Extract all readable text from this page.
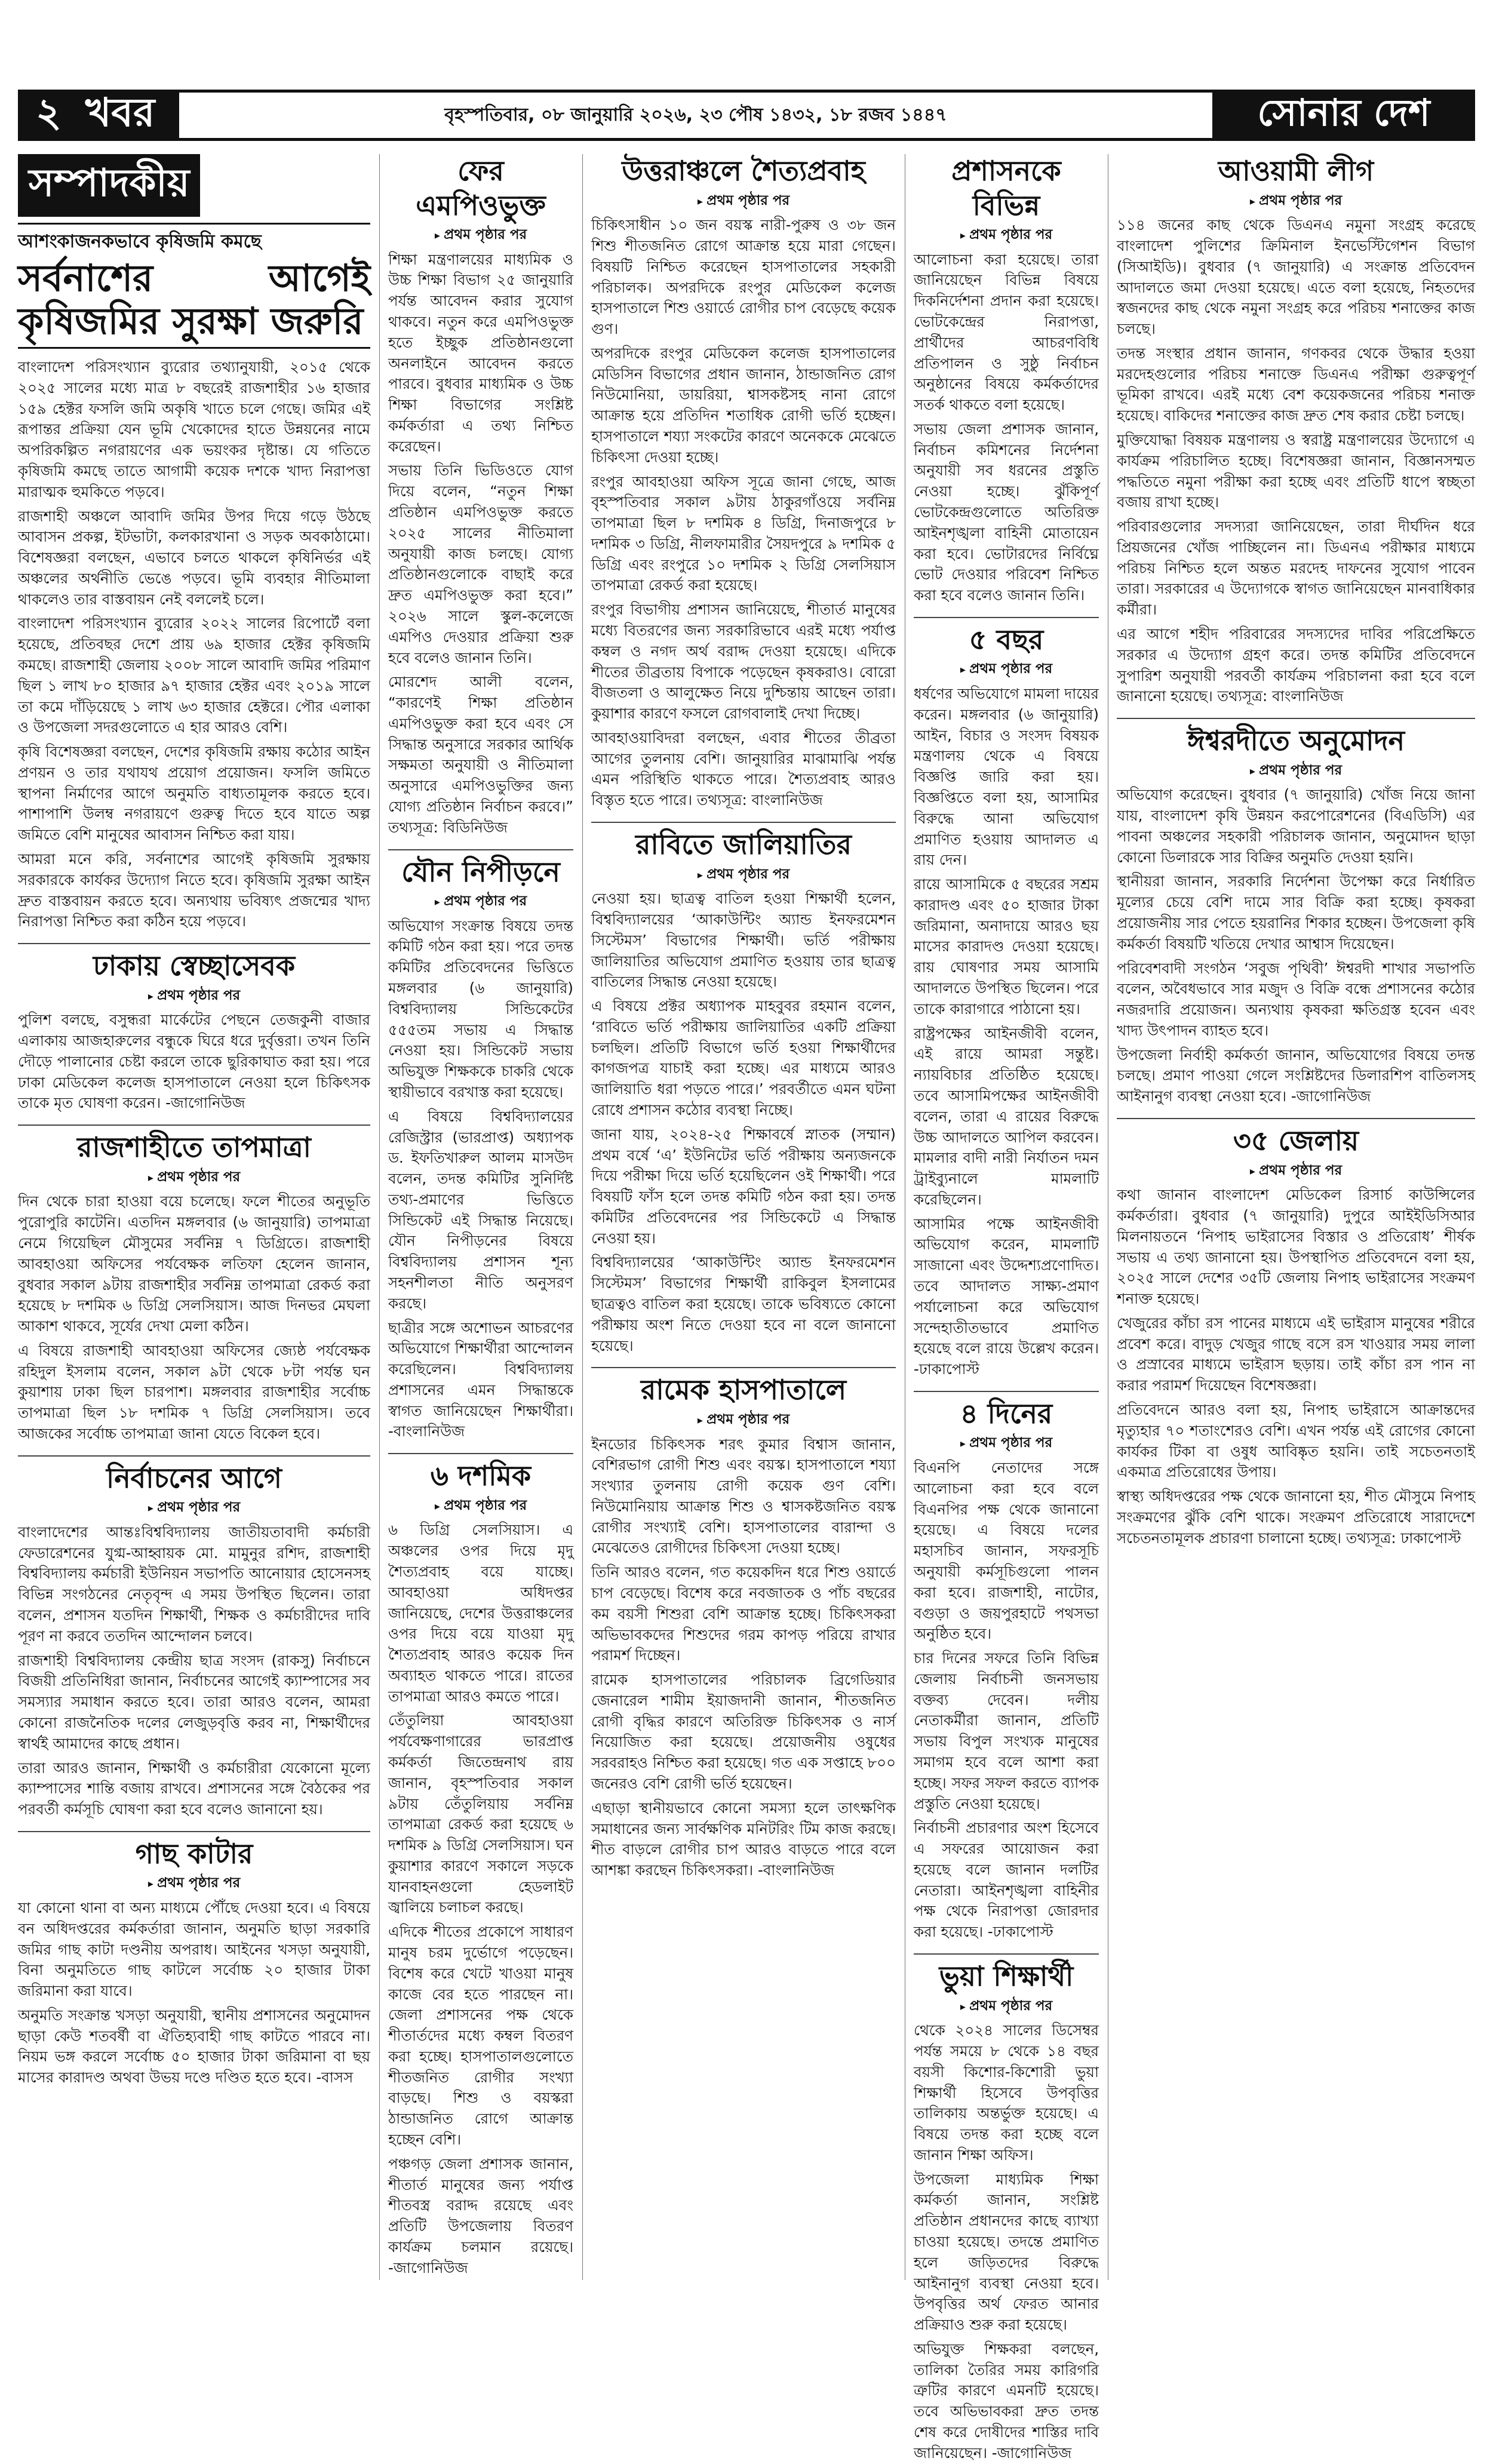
২ খবর	বৃহস্পতিবার, ০৮ জানুয়ারি ২০২৬, ২৩ পৌষ ১৪৩২, ১৮ রজব ১৪৪৭	সোনার দেশ
সম্পাদকীয়
আশংকাজনকভাবে কৃষিজমি কমছে
সর্বনাশের আগেই কৃষিজমির সুরক্ষা জরুরি

বাংলাদেশ পরিসংখ্যান ব্যুরোর তথ্যানুযায়ী, ২০১৫ থেকে ২০২৫ সালের মধ্যে মাত্র ৮ বছরেই রাজশাহীর ১৬ হাজার ১৫৯ হেক্টর ফসলি জমি অকৃষি খাতে চলে গেছে। জমির এই রূপান্তর প্রক্রিয়া যেন ভূমি খেকোদের হাতে উন্নয়নের নামে অপরিকল্পিত নগরায়ণের এক ভয়ংকর দৃষ্টান্ত। যে গতিতে কৃষিজমি কমছে তাতে আগামী কয়েক দশকে খাদ্য নিরাপত্তা মারাত্মক হুমকিতে পড়বে।

রাজশাহী অঞ্চলে আবাদি জমির উপর দিয়ে গড়ে উঠছে আবাসন প্রকল্প, ইটভাটা, কলকারখানা ও সড়ক অবকাঠামো। বিশেষজ্ঞরা বলছেন, এভাবে চলতে থাকলে কৃষিনির্ভর এই অঞ্চলের অর্থনীতি ভেঙে পড়বে। ভূমি ব্যবহার নীতিমালা থাকলেও তার বাস্তবায়ন নেই বললেই চলে।

বাংলাদেশ পরিসংখ্যান ব্যুরোর ২০২২ সালের রিপোর্টে বলা হয়েছে, প্রতিবছর দেশে প্রায় ৬৯ হাজার হেক্টর কৃষিজমি কমছে। রাজশাহী জেলায় ২০০৮ সালে আবাদি জমির পরিমাণ ছিল ১ লাখ ৮০ হাজার ৯৭ হাজার হেক্টর এবং ২০১৯ সালে তা কমে দাঁড়িয়েছে ১ লাখ ৬৩ হাজার হেক্টরে। পৌর এলাকা ও উপজেলা সদরগুলোতে এ হার আরও বেশি।

কৃষি বিশেষজ্ঞরা বলছেন, দেশের কৃষিজমি রক্ষায় কঠোর আইন প্রণয়ন ও তার যথাযথ প্রয়োগ প্রয়োজন। ফসলি জমিতে স্থাপনা নির্মাণের আগে অনুমতি বাধ্যতামূলক করতে হবে। পাশাপাশি উলম্ব নগরায়ণে গুরুত্ব দিতে হবে যাতে অল্প জমিতে বেশি মানুষের আবাসন নিশ্চিত করা যায়।

আমরা মনে করি, সর্বনাশের আগেই কৃষিজমি সুরক্ষায় সরকারকে কার্যকর উদ্যোগ নিতে হবে। কৃষিজমি সুরক্ষা আইন দ্রুত বাস্তবায়ন করতে হবে। অন্যথায় ভবিষ্যৎ প্রজন্মের খাদ্য নিরাপত্তা নিশ্চিত করা কঠিন হয়ে পড়বে।

ঢাকায় স্বেচ্ছাসেবক
▸ প্রথম পৃষ্ঠার পর

পুলিশ বলছে, বসুন্ধরা মার্কেটের পেছনে তেজকুনী বাজার এলাকায় আজহারুলের বন্ধুকে ঘিরে ধরে দুর্বৃত্তরা। তখন তিনি দৌড়ে পালানোর চেষ্টা করলে তাকে ছুরিকাঘাত করা হয়। পরে ঢাকা মেডিকেল কলেজ হাসপাতালে নেওয়া হলে চিকিৎসক তাকে মৃত ঘোষণা করেন। -জাগোনিউজ

রাজশাহীতে তাপমাত্রা
▸ প্রথম পৃষ্ঠার পর

দিন থেকে চারা হাওয়া বয়ে চলেছে। ফলে শীতের অনুভূতি পুরোপুরি কাটেনি। এতদিন মঙ্গলবার (৬ জানুয়ারি) তাপমাত্রা নেমে গিয়েছিল মৌসুমের সর্বনিম্ন ৭ ডিগ্রিতে। রাজশাহী আবহাওয়া অফিসের পর্যবেক্ষক লতিফা হেলেন জানান, বুধবার সকাল ৯টায় রাজশাহীর সর্বনিম্ন তাপমাত্রা রেকর্ড করা হয়েছে ৮ দশমিক ৬ ডিগ্রি সেলসিয়াস। আজ দিনভর মেঘলা আকাশ থাকবে, সূর্যের দেখা মেলা কঠিন।

এ বিষয়ে রাজশাহী আবহাওয়া অফিসের জ্যেষ্ঠ পর্যবেক্ষক রহিদুল ইসলাম বলেন, সকাল ৯টা থেকে ৮টা পর্যন্ত ঘন কুয়াশায় ঢাকা ছিল চারপাশ। মঙ্গলবার রাজশাহীর সর্বোচ্চ তাপমাত্রা ছিল ১৮ দশমিক ৭ ডিগ্রি সেলসিয়াস। তবে আজকের সর্বোচ্চ তাপমাত্রা জানা যেতে বিকেল হবে।

নির্বাচনের আগে
▸ প্রথম পৃষ্ঠার পর

বাংলাদেশের আন্তঃবিশ্ববিদ্যালয় জাতীয়তাবাদী কর্মচারী ফেডারেশনের যুগ্ম-আহ্বায়ক মো. মামুনুর রশিদ, রাজশাহী বিশ্ববিদ্যালয় কর্মচারী ইউনিয়ন সভাপতি আনোয়ার হোসেনসহ বিভিন্ন সংগঠনের নেতৃবৃন্দ এ সময় উপস্থিত ছিলেন। তারা বলেন, প্রশাসন যতদিন শিক্ষার্থী, শিক্ষক ও কর্মচারীদের দাবি পূরণ না করবে ততদিন আন্দোলন চলবে।

রাজশাহী বিশ্ববিদ্যালয় কেন্দ্রীয় ছাত্র সংসদ (রাকসু) নির্বাচনে বিজয়ী প্রতিনিধিরা জানান, নির্বাচনের আগেই ক্যাম্পাসের সব সমস্যার সমাধান করতে হবে। তারা আরও বলেন, আমরা কোনো রাজনৈতিক দলের লেজুড়বৃত্তি করব না, শিক্ষার্থীদের স্বার্থই আমাদের কাছে প্রধান।

তারা আরও জানান, শিক্ষার্থী ও কর্মচারীরা যেকোনো মূল্যে ক্যাম্পাসের শান্তি বজায় রাখবে। প্রশাসনের সঙ্গে বৈঠকের পর পরবর্তী কর্মসূচি ঘোষণা করা হবে বলেও জানানো হয়।

গাছ কাটার
▸ প্রথম পৃষ্ঠার পর

যা কোনো থানা বা অন্য মাধ্যমে পৌঁছে দেওয়া হবে। এ বিষয়ে বন অধিদপ্তরের কর্মকর্তারা জানান, অনুমতি ছাড়া সরকারি জমির গাছ কাটা দণ্ডনীয় অপরাধ। আইনের খসড়া অনুযায়ী, বিনা অনুমতিতে গাছ কাটলে সর্বোচ্চ ২০ হাজার টাকা জরিমানা করা যাবে।

অনুমতি সংক্রান্ত খসড়া অনুযায়ী, স্থানীয় প্রশাসনের অনুমোদন ছাড়া কেউ শতবর্ষী বা ঐতিহ্যবাহী গাছ কাটতে পারবে না। নিয়ম ভঙ্গ করলে সর্বোচ্চ ৫০ হাজার টাকা জরিমানা বা ছয় মাসের কারাদণ্ড অথবা উভয় দণ্ডে দণ্ডিত হতে হবে। -বাসস

ফের এমপিওভুক্ত
▸ প্রথম পৃষ্ঠার পর

শিক্ষা মন্ত্রণালয়ের মাধ্যমিক ও উচ্চ শিক্ষা বিভাগ ২৫ জানুয়ারি পর্যন্ত আবেদন করার সুযোগ থাকবে। নতুন করে এমপিওভুক্ত হতে ইচ্ছুক প্রতিষ্ঠানগুলো অনলাইনে আবেদন করতে পারবে। বুধবার মাধ্যমিক ও উচ্চ শিক্ষা বিভাগের সংশ্লিষ্ট কর্মকর্তারা এ তথ্য নিশ্চিত করেছেন।

সভায় তিনি ভিডিওতে যোগ দিয়ে বলেন, “নতুন শিক্ষা প্রতিষ্ঠান এমপিওভুক্ত করতে ২০২৫ সালের নীতিমালা অনুযায়ী কাজ চলছে। যোগ্য প্রতিষ্ঠানগুলোকে বাছাই করে দ্রুত এমপিওভুক্ত করা হবে।” ২০২৬ সালে স্কুল-কলেজে এমপিও দেওয়ার প্রক্রিয়া শুরু হবে বলেও জানান তিনি।

মোরশেদ আলী বলেন, “কারণেই শিক্ষা প্রতিষ্ঠান এমপিওভুক্ত করা হবে এবং সে সিদ্ধান্ত অনুসারে সরকার আর্থিক সক্ষমতা অনুযায়ী ও নীতিমালা অনুসারে এমপিওভুক্তির জন্য যোগ্য প্রতিষ্ঠান নির্বাচন করবে।” তথ্যসূত্র: বিডিনিউজ

যৌন নিপীড়নে
▸ প্রথম পৃষ্ঠার পর

অভিযোগ সংক্রান্ত বিষয়ে তদন্ত কমিটি গঠন করা হয়। পরে তদন্ত কমিটির প্রতিবেদনের ভিত্তিতে মঙ্গলবার (৬ জানুয়ারি) বিশ্ববিদ্যালয় সিন্ডিকেটের ৫৫৫তম সভায় এ সিদ্ধান্ত নেওয়া হয়। সিন্ডিকেট সভায় অভিযুক্ত শিক্ষককে চাকরি থেকে স্থায়ীভাবে বরখাস্ত করা হয়েছে।

এ বিষয়ে বিশ্ববিদ্যালয়ের রেজিস্ট্রার (ভারপ্রাপ্ত) অধ্যাপক ড. ইফতিখারুল আলম মাসউদ বলেন, তদন্ত কমিটির সুনির্দিষ্ট তথ্য-প্রমাণের ভিত্তিতে সিন্ডিকেট এই সিদ্ধান্ত নিয়েছে। যৌন নিপীড়নের বিষয়ে বিশ্ববিদ্যালয় প্রশাসন শূন্য সহনশীলতা নীতি অনুসরণ করছে।

ছাত্রীর সঙ্গে অশোভন আচরণের অভিযোগে শিক্ষার্থীরা আন্দোলন করেছিলেন। বিশ্ববিদ্যালয় প্রশাসনের এমন সিদ্ধান্তকে স্বাগত জানিয়েছেন শিক্ষার্থীরা। -বাংলানিউজ

৬ দশমিক
▸ প্রথম পৃষ্ঠার পর

৬ ডিগ্রি সেলসিয়াস। এ অঞ্চলের ওপর দিয়ে মৃদু শৈত্যপ্রবাহ বয়ে যাচ্ছে। আবহাওয়া অধিদপ্তর জানিয়েছে, দেশের উত্তরাঞ্চলের ওপর দিয়ে বয়ে যাওয়া মৃদু শৈত্যপ্রবাহ আরও কয়েক দিন অব্যাহত থাকতে পারে। রাতের তাপমাত্রা আরও কমতে পারে।

তেঁতুলিয়া আবহাওয়া পর্যবেক্ষণাগারের ভারপ্রাপ্ত কর্মকর্তা জিতেন্দ্রনাথ রায় জানান, বৃহস্পতিবার সকাল ৯টায় তেঁতুলিয়ায় সর্বনিম্ন তাপমাত্রা রেকর্ড করা হয়েছে ৬ দশমিক ৯ ডিগ্রি সেলসিয়াস। ঘন কুয়াশার কারণে সকালে সড়কে যানবাহনগুলো হেডলাইট জ্বালিয়ে চলাচল করছে।

এদিকে শীতের প্রকোপে সাধারণ মানুষ চরম দুর্ভোগে পড়েছেন। বিশেষ করে খেটে খাওয়া মানুষ কাজে বের হতে পারছেন না। জেলা প্রশাসনের পক্ষ থেকে শীতার্তদের মধ্যে কম্বল বিতরণ করা হচ্ছে। হাসপাতালগুলোতে শীতজনিত রোগীর সংখ্যা বাড়ছে। শিশু ও বয়স্করা ঠান্ডাজনিত রোগে আক্রান্ত হচ্ছেন বেশি।

পঞ্চগড় জেলা প্রশাসক জানান, শীতার্ত মানুষের জন্য পর্যাপ্ত শীতবস্ত্র বরাদ্দ রয়েছে এবং প্রতিটি উপজেলায় বিতরণ কার্যক্রম চলমান রয়েছে। -জাগোনিউজ

উত্তরাঞ্চলে শৈত্যপ্রবাহ
▸ প্রথম পৃষ্ঠার পর

চিকিৎসাধীন ১০ জন বয়স্ক নারী-পুরুষ ও ৩৮ জন শিশু শীতজনিত রোগে আক্রান্ত হয়ে মারা গেছেন। বিষয়টি নিশ্চিত করেছেন হাসপাতালের সহকারী পরিচালক। অপরদিকে রংপুর মেডিকেল কলেজ হাসপাতালে শিশু ওয়ার্ডে রোগীর চাপ বেড়েছে কয়েক গুণ।

অপরদিকে রংপুর মেডিকেল কলেজ হাসপাতালের মেডিসিন বিভাগের প্রধান জানান, ঠান্ডাজনিত রোগ নিউমোনিয়া, ডায়রিয়া, শ্বাসকষ্টসহ নানা রোগে আক্রান্ত হয়ে প্রতিদিন শতাধিক রোগী ভর্তি হচ্ছেন। হাসপাতালে শয্যা সংকটের কারণে অনেককে মেঝেতে চিকিৎসা দেওয়া হচ্ছে।

রংপুর আবহাওয়া অফিস সূত্রে জানা গেছে, আজ বৃহস্পতিবার সকাল ৯টায় ঠাকুরগাঁওয়ে সর্বনিম্ন তাপমাত্রা ছিল ৮ দশমিক ৪ ডিগ্রি, দিনাজপুরে ৮ দশমিক ৩ ডিগ্রি, নীলফামারীর সৈয়দপুরে ৯ দশমিক ৫ ডিগ্রি এবং রংপুরে ১০ দশমিক ২ ডিগ্রি সেলসিয়াস তাপমাত্রা রেকর্ড করা হয়েছে।

রংপুর বিভাগীয় প্রশাসন জানিয়েছে, শীতার্ত মানুষের মধ্যে বিতরণের জন্য সরকারিভাবে এরই মধ্যে পর্যাপ্ত কম্বল ও নগদ অর্থ বরাদ্দ দেওয়া হয়েছে। এদিকে শীতের তীব্রতায় বিপাকে পড়েছেন কৃষকরাও। বোরো বীজতলা ও আলুক্ষেত নিয়ে দুশ্চিন্তায় আছেন তারা। কুয়াশার কারণে ফসলে রোগবালাই দেখা দিচ্ছে।

আবহাওয়াবিদরা বলছেন, এবার শীতের তীব্রতা আগের তুলনায় বেশি। জানুয়ারির মাঝামাঝি পর্যন্ত এমন পরিস্থিতি থাকতে পারে। শৈত্যপ্রবাহ আরও বিস্তৃত হতে পারে। তথ্যসূত্র: বাংলানিউজ

রাবিতে জালিয়াতির
▸ প্রথম পৃষ্ঠার পর

নেওয়া হয়। ছাত্রত্ব বাতিল হওয়া শিক্ষার্থী হলেন, বিশ্ববিদ্যালয়ের ‘আকাউন্টিং অ্যান্ড ইনফরমেশন সিস্টেমস’ বিভাগের শিক্ষার্থী। ভর্তি পরীক্ষায় জালিয়াতির অভিযোগ প্রমাণিত হওয়ায় তার ছাত্রত্ব বাতিলের সিদ্ধান্ত নেওয়া হয়েছে।

এ বিষয়ে প্রক্টর অধ্যাপক মাহবুবর রহমান বলেন, ‘রাবিতে ভর্তি পরীক্ষায় জালিয়াতির একটি প্রক্রিয়া চলছিল। প্রতিটি বিভাগে ভর্তি হওয়া শিক্ষার্থীদের কাগজপত্র যাচাই করা হচ্ছে। এর মাধ্যমে আরও জালিয়াতি ধরা পড়তে পারে।’ পরবর্তীতে এমন ঘটনা রোধে প্রশাসন কঠোর ব্যবস্থা নিচ্ছে।

জানা যায়, ২০২৪-২৫ শিক্ষাবর্ষে স্নাতক (সম্মান) প্রথম বর্ষে ‘এ’ ইউনিটের ভর্তি পরীক্ষায় অন্যজনকে দিয়ে পরীক্ষা দিয়ে ভর্তি হয়েছিলেন ওই শিক্ষার্থী। পরে বিষয়টি ফাঁস হলে তদন্ত কমিটি গঠন করা হয়। তদন্ত কমিটির প্রতিবেদনের পর সিন্ডিকেটে এ সিদ্ধান্ত নেওয়া হয়।

বিশ্ববিদ্যালয়ের ‘আকাউন্টিং অ্যান্ড ইনফরমেশন সিস্টেমস’ বিভাগের শিক্ষার্থী রাকিবুল ইসলামের ছাত্রত্বও বাতিল করা হয়েছে। তাকে ভবিষ্যতে কোনো পরীক্ষায় অংশ নিতে দেওয়া হবে না বলে জানানো হয়েছে।

রামেক হাসপাতালে
▸ প্রথম পৃষ্ঠার পর

ইনডোর চিকিৎসক শরৎ কুমার বিশ্বাস জানান, বেশিরভাগ রোগী শিশু এবং বয়স্ক। হাসপাতালে শয্যা সংখ্যার তুলনায় রোগী কয়েক গুণ বেশি। নিউমোনিয়ায় আক্রান্ত শিশু ও শ্বাসকষ্টজনিত বয়স্ক রোগীর সংখ্যাই বেশি। হাসপাতালের বারান্দা ও মেঝেতেও রোগীদের চিকিৎসা দেওয়া হচ্ছে।

তিনি আরও বলেন, গত কয়েকদিন ধরে শিশু ওয়ার্ডে চাপ বেড়েছে। বিশেষ করে নবজাতক ও পাঁচ বছরের কম বয়সী শিশুরা বেশি আক্রান্ত হচ্ছে। চিকিৎসকরা অভিভাবকদের শিশুদের গরম কাপড় পরিয়ে রাখার পরামর্শ দিচ্ছেন।

রামেক হাসপাতালের পরিচালক ব্রিগেডিয়ার জেনারেল শামীম ইয়াজদানী জানান, শীতজনিত রোগী বৃদ্ধির কারণে অতিরিক্ত চিকিৎসক ও নার্স নিয়োজিত করা হয়েছে। প্রয়োজনীয় ওষুধের সরবরাহও নিশ্চিত করা হয়েছে। গত এক সপ্তাহে ৮০০ জনেরও বেশি রোগী ভর্তি হয়েছেন।

এছাড়া স্থানীয়ভাবে কোনো সমস্যা হলে তাৎক্ষণিক সমাধানের জন্য সার্বক্ষণিক মনিটরিং টিম কাজ করছে। শীত বাড়লে রোগীর চাপ আরও বাড়তে পারে বলে আশঙ্কা করছেন চিকিৎসকরা। -বাংলানিউজ

প্রশাসনকে বিভিন্ন
▸ প্রথম পৃষ্ঠার পর

আলোচনা করা হয়েছে। তারা জানিয়েছেন বিভিন্ন বিষয়ে দিকনির্দেশনা প্রদান করা হয়েছে। ভোটকেন্দ্রের নিরাপত্তা, প্রার্থীদের আচরণবিধি প্রতিপালন ও সুষ্ঠু নির্বাচন অনুষ্ঠানের বিষয়ে কর্মকর্তাদের সতর্ক থাকতে বলা হয়েছে।

সভায় জেলা প্রশাসক জানান, নির্বাচন কমিশনের নির্দেশনা অনুযায়ী সব ধরনের প্রস্তুতি নেওয়া হচ্ছে। ঝুঁকিপূর্ণ ভোটকেন্দ্রগুলোতে অতিরিক্ত আইনশৃঙ্খলা বাহিনী মোতায়েন করা হবে। ভোটারদের নির্বিঘ্নে ভোট দেওয়ার পরিবেশ নিশ্চিত করা হবে বলেও জানান তিনি।

৫ বছর
▸ প্রথম পৃষ্ঠার পর

ধর্ষণের অভিযোগে মামলা দায়ের করেন। মঙ্গলবার (৬ জানুয়ারি) আইন, বিচার ও সংসদ বিষয়ক মন্ত্রণালয় থেকে এ বিষয়ে বিজ্ঞপ্তি জারি করা হয়। বিজ্ঞপ্তিতে বলা হয়, আসামির বিরুদ্ধে আনা অভিযোগ প্রমাণিত হওয়ায় আদালত এ রায় দেন।

রায়ে আসামিকে ৫ বছরের সশ্রম কারাদণ্ড এবং ৫০ হাজার টাকা জরিমানা, অনাদায়ে আরও ছয় মাসের কারাদণ্ড দেওয়া হয়েছে। রায় ঘোষণার সময় আসামি আদালতে উপস্থিত ছিলেন। পরে তাকে কারাগারে পাঠানো হয়।

রাষ্ট্রপক্ষের আইনজীবী বলেন, এই রায়ে আমরা সন্তুষ্ট। ন্যায়বিচার প্রতিষ্ঠিত হয়েছে। তবে আসামিপক্ষের আইনজীবী বলেন, তারা এ রায়ের বিরুদ্ধে উচ্চ আদালতে আপিল করবেন। মামলার বাদী নারী নির্যাতন দমন ট্রাইব্যুনালে মামলাটি করেছিলেন।

আসামির পক্ষে আইনজীবী অভিযোগ করেন, মামলাটি সাজানো এবং উদ্দেশ্যপ্রণোদিত। তবে আদালত সাক্ষ্য-প্রমাণ পর্যালোচনা করে অভিযোগ সন্দেহাতীতভাবে প্রমাণিত হয়েছে বলে রায়ে উল্লেখ করেন। -ঢাকাপোস্ট

৪ দিনের
▸ প্রথম পৃষ্ঠার পর

বিএনপি নেতাদের সঙ্গে আলোচনা করা হবে বলে বিএনপির পক্ষ থেকে জানানো হয়েছে। এ বিষয়ে দলের মহাসচিব জানান, সফরসূচি অনুযায়ী কর্মসূচিগুলো পালন করা হবে। রাজশাহী, নাটোর, বগুড়া ও জয়পুরহাটে পথসভা অনুষ্ঠিত হবে।

চার দিনের সফরে তিনি বিভিন্ন জেলায় নির্বাচনী জনসভায় বক্তব্য দেবেন। দলীয় নেতাকর্মীরা জানান, প্রতিটি সভায় বিপুল সংখ্যক মানুষের সমাগম হবে বলে আশা করা হচ্ছে। সফর সফল করতে ব্যাপক প্রস্তুতি নেওয়া হয়েছে।

নির্বাচনী প্রচারণার অংশ হিসেবে এ সফরের আয়োজন করা হয়েছে বলে জানান দলটির নেতারা। আইনশৃঙ্খলা বাহিনীর পক্ষ থেকে নিরাপত্তা জোরদার করা হয়েছে। -ঢাকাপোস্ট

ভুয়া শিক্ষার্থী
▸ প্রথম পৃষ্ঠার পর

থেকে ২০২৪ সালের ডিসেম্বর পর্যন্ত সময়ে ৮ থেকে ১৪ বছর বয়সী কিশোর-কিশোরী ভুয়া শিক্ষার্থী হিসেবে উপবৃত্তির তালিকায় অন্তর্ভুক্ত হয়েছে। এ বিষয়ে তদন্ত করা হচ্ছে বলে জানান শিক্ষা অফিস।

উপজেলা মাধ্যমিক শিক্ষা কর্মকর্তা জানান, সংশ্লিষ্ট প্রতিষ্ঠান প্রধানদের কাছে ব্যাখ্যা চাওয়া হয়েছে। তদন্তে প্রমাণিত হলে জড়িতদের বিরুদ্ধে আইনানুগ ব্যবস্থা নেওয়া হবে। উপবৃত্তির অর্থ ফেরত আনার প্রক্রিয়াও শুরু করা হয়েছে।

অভিযুক্ত শিক্ষকরা বলছেন, তালিকা তৈরির সময় কারিগরি ত্রুটির কারণে এমনটি হয়েছে। তবে অভিভাবকরা দ্রুত তদন্ত শেষ করে দোষীদের শাস্তির দাবি জানিয়েছেন। -জাগোনিউজ

আওয়ামী লীগ
▸ প্রথম পৃষ্ঠার পর

১১৪ জনের কাছ থেকে ডিএনএ নমুনা সংগ্রহ করেছে বাংলাদেশ পুলিশের ক্রিমিনাল ইনভেস্টিগেশন বিভাগ (সিআইডি)। বুধবার (৭ জানুয়ারি) এ সংক্রান্ত প্রতিবেদন আদালতে জমা দেওয়া হয়েছে। এতে বলা হয়েছে, নিহতদের স্বজনদের কাছ থেকে নমুনা সংগ্রহ করে পরিচয় শনাক্তের কাজ চলছে।

তদন্ত সংস্থার প্রধান জানান, গণকবর থেকে উদ্ধার হওয়া মরদেহগুলোর পরিচয় শনাক্তে ডিএনএ পরীক্ষা গুরুত্বপূর্ণ ভূমিকা রাখবে। এরই মধ্যে বেশ কয়েকজনের পরিচয় শনাক্ত হয়েছে। বাকিদের শনাক্তের কাজ দ্রুত শেষ করার চেষ্টা চলছে।

মুক্তিযোদ্ধা বিষয়ক মন্ত্রণালয় ও স্বরাষ্ট্র মন্ত্রণালয়ের উদ্যোগে এ কার্যক্রম পরিচালিত হচ্ছে। বিশেষজ্ঞরা জানান, বিজ্ঞানসম্মত পদ্ধতিতে নমুনা পরীক্ষা করা হচ্ছে এবং প্রতিটি ধাপে স্বচ্ছতা বজায় রাখা হচ্ছে।

পরিবারগুলোর সদস্যরা জানিয়েছেন, তারা দীর্ঘদিন ধরে প্রিয়জনের খোঁজ পাচ্ছিলেন না। ডিএনএ পরীক্ষার মাধ্যমে পরিচয় নিশ্চিত হলে অন্তত মরদেহ দাফনের সুযোগ পাবেন তারা। সরকারের এ উদ্যোগকে স্বাগত জানিয়েছেন মানবাধিকার কর্মীরা।

এর আগে শহীদ পরিবারের সদস্যদের দাবির পরিপ্রেক্ষিতে সরকার এ উদ্যোগ গ্রহণ করে। তদন্ত কমিটির প্রতিবেদনে সুপারিশ অনুযায়ী পরবর্তী কার্যক্রম পরিচালনা করা হবে বলে জানানো হয়েছে। তথ্যসূত্র: বাংলানিউজ

ঈশ্বরদীতে অনুমোদন
▸ প্রথম পৃষ্ঠার পর

অভিযোগ করেছেন। বুধবার (৭ জানুয়ারি) খোঁজ নিয়ে জানা যায়, বাংলাদেশ কৃষি উন্নয়ন করপোরেশনের (বিএডিসি) এর পাবনা অঞ্চলের সহকারী পরিচালক জানান, অনুমোদন ছাড়া কোনো ডিলারকে সার বিক্রির অনুমতি দেওয়া হয়নি।

স্থানীয়রা জানান, সরকারি নির্দেশনা উপেক্ষা করে নির্ধারিত মূল্যের চেয়ে বেশি দামে সার বিক্রি করা হচ্ছে। কৃষকরা প্রয়োজনীয় সার পেতে হয়রানির শিকার হচ্ছেন। উপজেলা কৃষি কর্মকর্তা বিষয়টি খতিয়ে দেখার আশ্বাস দিয়েছেন।

পরিবেশবাদী সংগঠন ‘সবুজ পৃথিবী’ ঈশ্বরদী শাখার সভাপতি বলেন, অবৈধভাবে সার মজুদ ও বিক্রি বন্ধে প্রশাসনের কঠোর নজরদারি প্রয়োজন। অন্যথায় কৃষকরা ক্ষতিগ্রস্ত হবেন এবং খাদ্য উৎপাদন ব্যাহত হবে।

উপজেলা নির্বাহী কর্মকর্তা জানান, অভিযোগের বিষয়ে তদন্ত চলছে। প্রমাণ পাওয়া গেলে সংশ্লিষ্টদের ডিলারশিপ বাতিলসহ আইনানুগ ব্যবস্থা নেওয়া হবে। -জাগোনিউজ

৩৫ জেলায়
▸ প্রথম পৃষ্ঠার পর

কথা জানান বাংলাদেশ মেডিকেল রিসার্চ কাউন্সিলের কর্মকর্তারা। বুধবার (৭ জানুয়ারি) দুপুরে আইইডিসিআর মিলনায়তনে ‘নিপাহ ভাইরাসের বিস্তার ও প্রতিরোধ’ শীর্ষক সভায় এ তথ্য জানানো হয়। উপস্থাপিত প্রতিবেদনে বলা হয়, ২০২৫ সালে দেশের ৩৫টি জেলায় নিপাহ ভাইরাসের সংক্রমণ শনাক্ত হয়েছে।

খেজুরের কাঁচা রস পানের মাধ্যমে এই ভাইরাস মানুষের শরীরে প্রবেশ করে। বাদুড় খেজুর গাছে বসে রস খাওয়ার সময় লালা ও প্রস্রাবের মাধ্যমে ভাইরাস ছড়ায়। তাই কাঁচা রস পান না করার পরামর্শ দিয়েছেন বিশেষজ্ঞরা।

প্রতিবেদনে আরও বলা হয়, নিপাহ ভাইরাসে আক্রান্তদের মৃত্যুহার ৭০ শতাংশেরও বেশি। এখন পর্যন্ত এই রোগের কোনো কার্যকর টিকা বা ওষুধ আবিষ্কৃত হয়নি। তাই সচেতনতাই একমাত্র প্রতিরোধের উপায়।

স্বাস্থ্য অধিদপ্তরের পক্ষ থেকে জানানো হয়, শীত মৌসুমে নিপাহ সংক্রমণের ঝুঁকি বেশি থাকে। সংক্রমণ প্রতিরোধে সারাদেশে সচেতনতামূলক প্রচারণা চালানো হচ্ছে। তথ্যসূত্র: ঢাকাপোস্ট
